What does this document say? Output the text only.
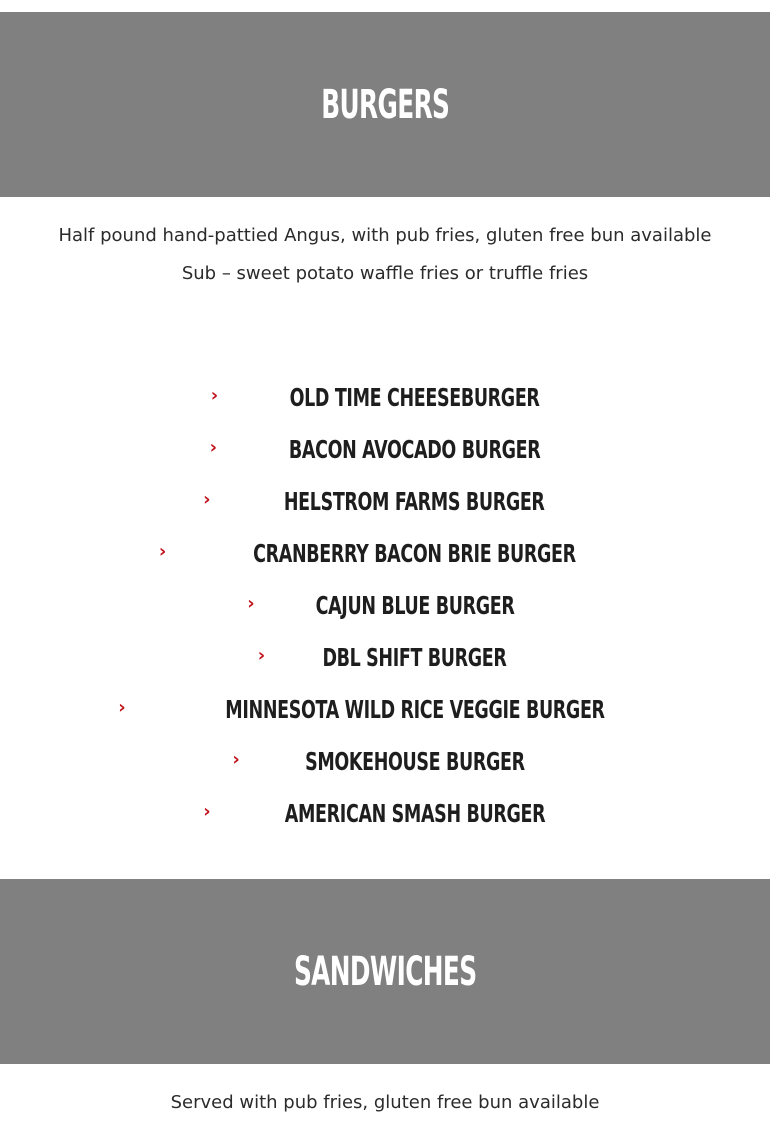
BURGERS
Half pound hand-pattied Angus, with pub fries, gluten free bun available
Sub – sweet potato waffle fries or truffle fries
›	OLD TIME CHEESEBURGER
›	BACON AVOCADO BURGER
›	HELSTROM FARMS BURGER
›	CRANBERRY BACON BRIE BURGER
› CAJUN BLUE BURGER
› DBL SHIFT BURGER
›	MINNESOTA WILD RICE VEGGIE BURGER
›	SMOKEHOUSE BURGER
›	AMERICAN SMASH BURGER
SANDWICHES
Served with pub fries, gluten free bun available
